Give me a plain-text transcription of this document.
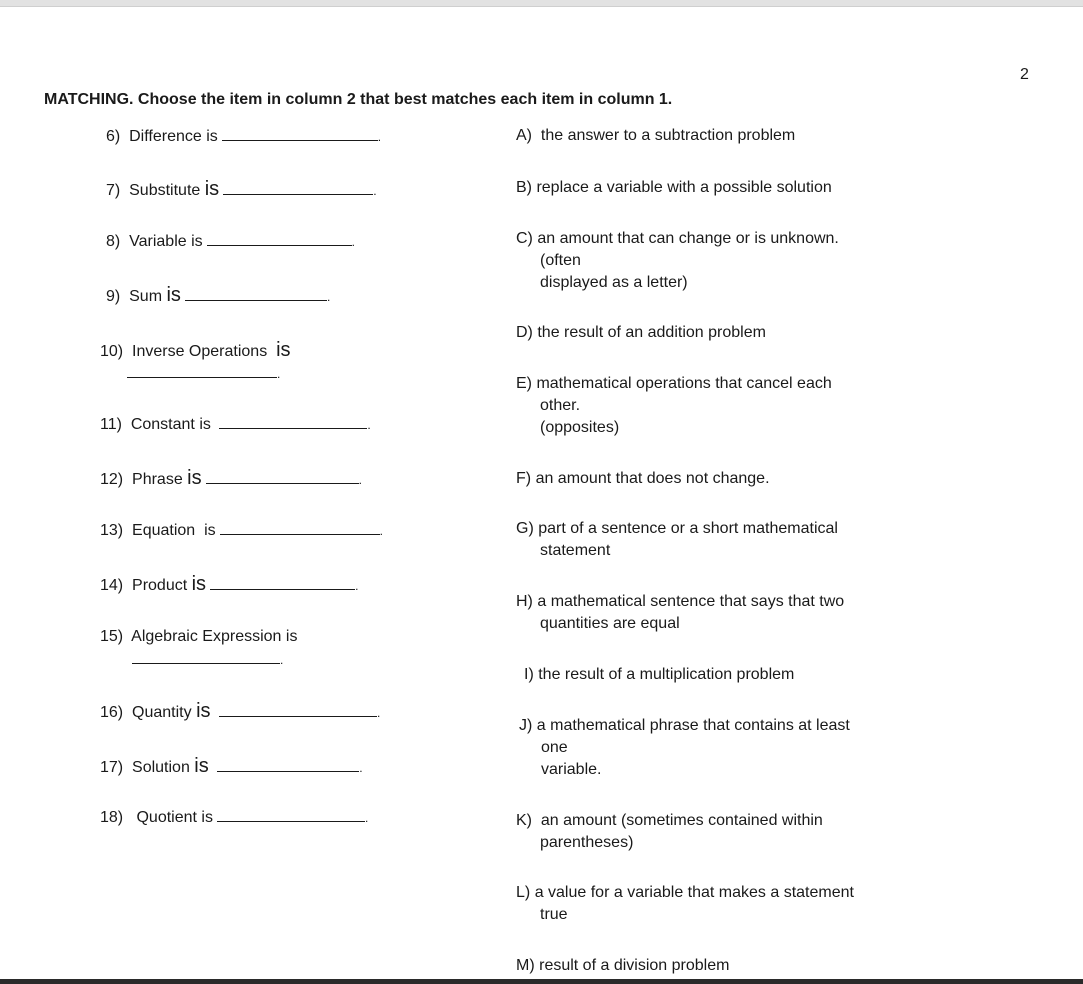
2
MATCHING. Choose the item in column 2 that best matches each item in column 1.
6) Difference is	.
7) Substitute is	.
8) Variable is	.
9) Sum is	.
10) Inverse Operations is
.
11) Constant is	.
12) Phrase is	.
13) Equation is	.
14) Product is	.
15) Algebraic Expression is
.
16) Quantity is	.
17) Solution is	.
18) Quotient is	.
A) the answer to a subtraction problem
B) replace a variable with a possible solution
C) an amount that can change or is unknown.
(often
displayed as a letter)
D) the result of an addition problem
E) mathematical operations that cancel each
other.
(opposites)
F) an amount that does not change.
G) part of a sentence or a short mathematical
statement
H) a mathematical sentence that says that two
quantities are equal
I) the result of a multiplication problem
J) a mathematical phrase that contains at least
one
variable.
K) an amount (sometimes contained within
parentheses)
L) a value for a variable that makes a statement
true
M) result of a division problem
